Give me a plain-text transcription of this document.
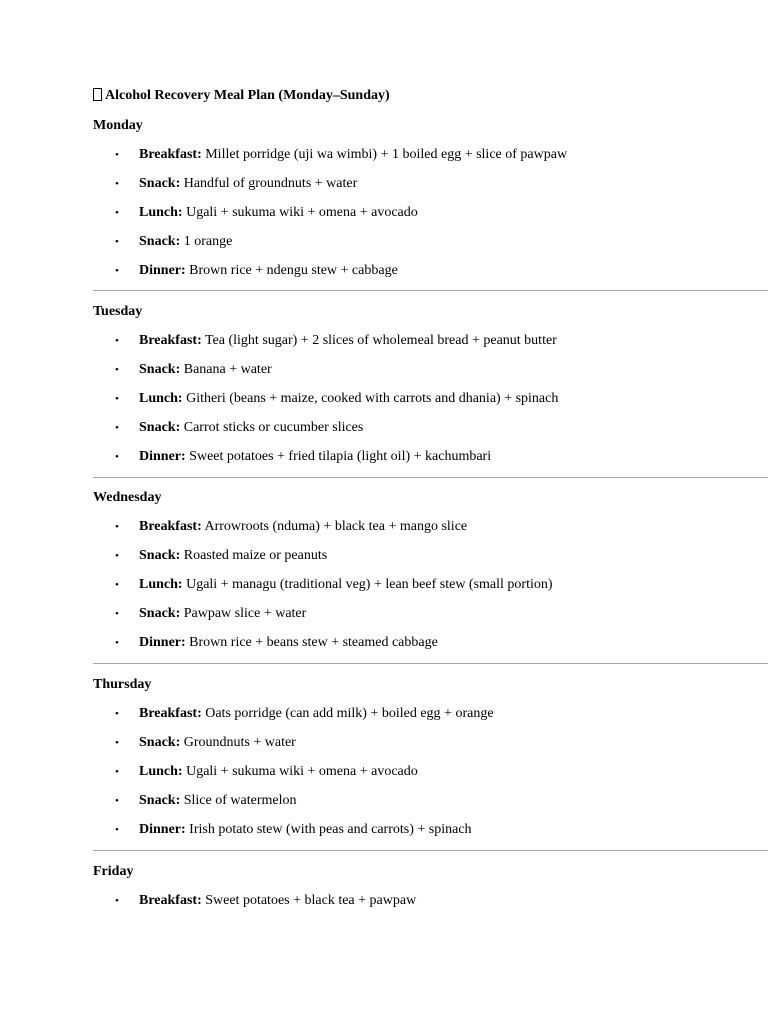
Alcohol Recovery Meal Plan (Monday–Sunday)
Monday
• Breakfast: Millet porridge (uji wa wimbi) + 1 boiled egg + slice of pawpaw
• Snack: Handful of groundnuts + water
• Lunch: Ugali + sukuma wiki + omena + avocado
• Snack: 1 orange
• Dinner: Brown rice + ndengu stew + cabbage
Tuesday
• Breakfast: Tea (light sugar) + 2 slices of wholemeal bread + peanut butter
• Snack: Banana + water
• Lunch: Githeri (beans + maize, cooked with carrots and dhania) + spinach
• Snack: Carrot sticks or cucumber slices
• Dinner: Sweet potatoes + fried tilapia (light oil) + kachumbari
Wednesday
• Breakfast: Arrowroots (nduma) + black tea + mango slice
• Snack: Roasted maize or peanuts
• Lunch: Ugali + managu (traditional veg) + lean beef stew (small portion)
• Snack: Pawpaw slice + water
• Dinner: Brown rice + beans stew + steamed cabbage
Thursday
• Breakfast: Oats porridge (can add milk) + boiled egg + orange
• Snack: Groundnuts + water
• Lunch: Ugali + sukuma wiki + omena + avocado
• Snack: Slice of watermelon
• Dinner: Irish potato stew (with peas and carrots) + spinach
Friday
• Breakfast: Sweet potatoes + black tea + pawpaw
